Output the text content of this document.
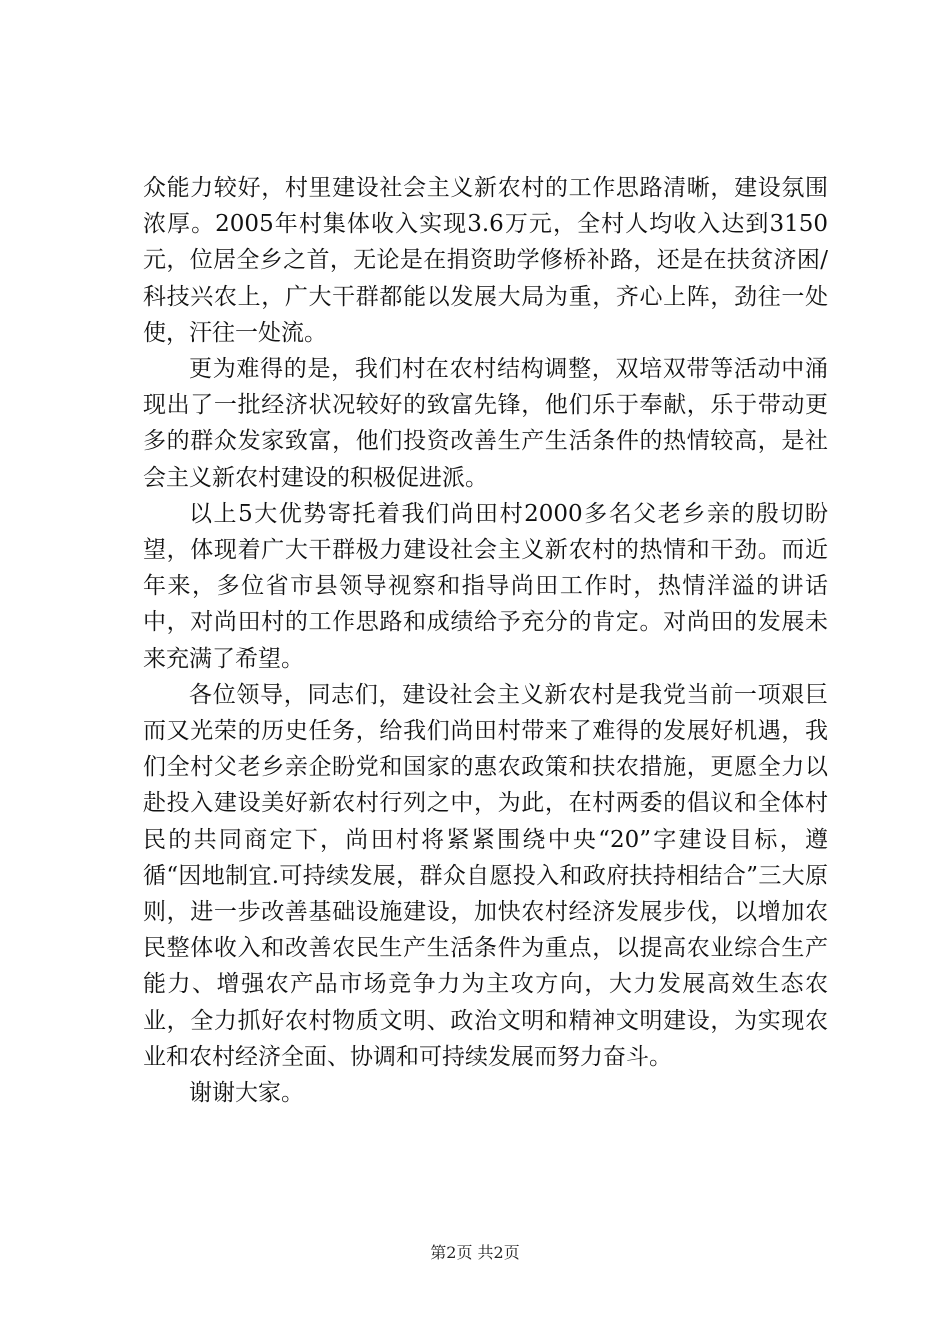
众能力较好，村里建设社会主义新农村的工作思路清晰，建设氛围浓厚。2005年村集体收入实现3.6万元，全村人均收入达到3150元，位居全乡之首，无论是在捐资助学修桥补路，还是在扶贫济困/科技兴农上，广大干群都能以发展大局为重，齐心上阵，劲往一处使，汗往一处流。

更为难得的是，我们村在农村结构调整，双培双带等活动中涌现出了一批经济状况较好的致富先锋，他们乐于奉献，乐于带动更多的群众发家致富，他们投资改善生产生活条件的热情较高，是社会主义新农村建设的积极促进派。

以上5大优势寄托着我们尚田村2000多名父老乡亲的殷切盼望，体现着广大干群极力建设社会主义新农村的热情和干劲。而近年来，多位省市县领导视察和指导尚田工作时，热情洋溢的讲话中，对尚田村的工作思路和成绩给予充分的肯定。对尚田的发展未来充满了希望。

各位领导，同志们，建设社会主义新农村是我党当前一项艰巨而又光荣的历史任务，给我们尚田村带来了难得的发展好机遇，我们全村父老乡亲企盼党和国家的惠农政策和扶农措施，更愿全力以赴投入建设美好新农村行列之中，为此，在村两委的倡议和全体村民的共同商定下，尚田村将紧紧围绕中央“20”字建设目标，遵循“因地制宜.可持续发展，群众自愿投入和政府扶持相结合”三大原则，进一步改善基础设施建设，加快农村经济发展步伐，以增加农民整体收入和改善农民生产生活条件为重点，以提高农业综合生产能力、增强农产品市场竞争力为主攻方向，大力发展高效生态农业，全力抓好农村物质文明、政治文明和精神文明建设，为实现农业和农村经济全面、协调和可持续发展而努力奋斗。

谢谢大家。

第2页 共2页
